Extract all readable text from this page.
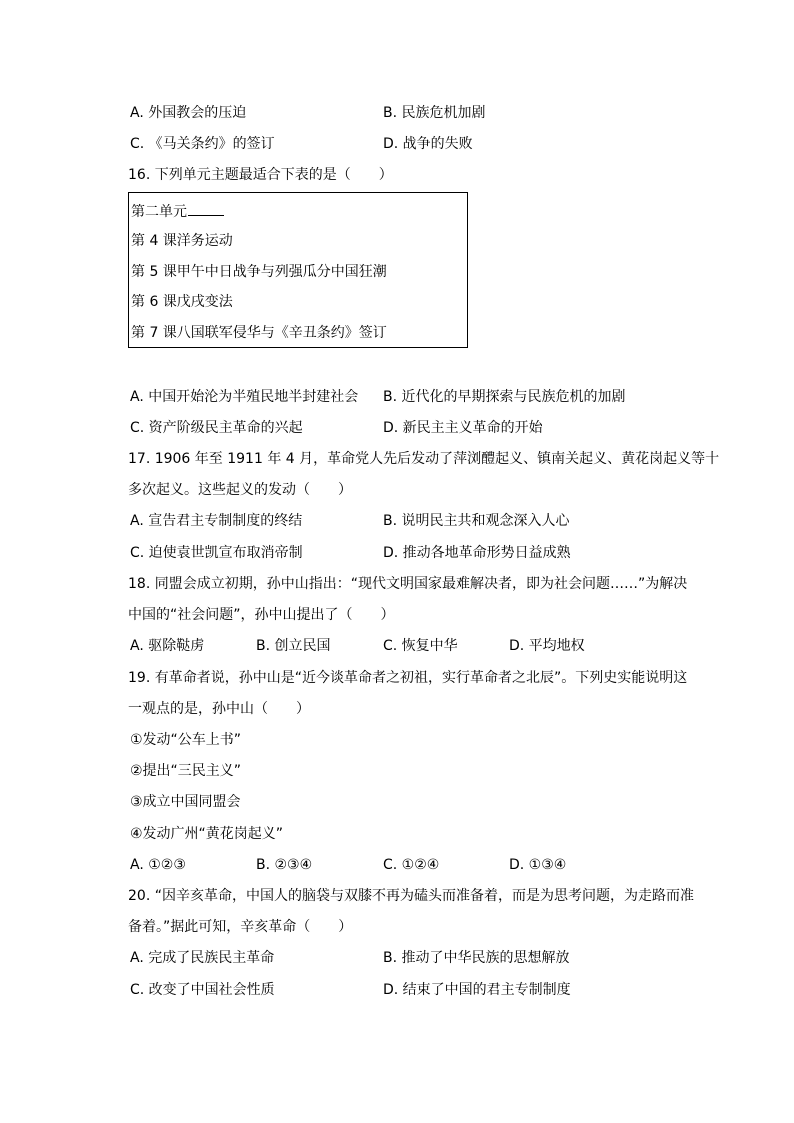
A. 外国教会的压迫	B. 民族危机加剧
C. 《马关条约》的签订	D. 战争的失败
16. 下列单元主题最适合下表的是（　　）
第二单元
第 4 课洋务运动
第 5 课甲午中日战争与列强瓜分中国狂潮
第 6 课戊戌变法
第 7 课八国联军侵华与《辛丑条约》签订
A. 中国开始沦为半殖民地半封建社会 B. 近代化的早期探索与民族危机的加剧
C. 资产阶级民主革命的兴起	D. 新民主主义革命的开始
17. 1906 年至 1911 年 4 月，革命党人先后发动了萍浏醴起义、镇南关起义、黄花岗起义等十
多次起义。这些起义的发动（　　）
A. 宣告君主专制制度的终结	B. 说明民主共和观念深入人心
C. 迫使袁世凯宣布取消帝制	D. 推动各地革命形势日益成熟
18. 同盟会成立初期，孙中山指出：“现代文明国家最难解决者，即为社会问题……”为解决
中国的“社会问题”，孙中山提出了（　　）
A. 驱除鞑虏	B. 创立民国	C. 恢复中华	D. 平均地权
19. 有革命者说，孙中山是“近今谈革命者之初祖，实行革命者之北辰”。下列史实能说明这
一观点的是，孙中山（　　）
①发动“公车上书”
②提出“三民主义”
③成立中国同盟会
④发动广州“黄花岗起义”
A. ①②③	B. ②③④	C. ①②④	D. ①③④
20. “因辛亥革命，中国人的脑袋与双膝不再为磕头而准备着，而是为思考问题，为走路而准
备着。”据此可知，辛亥革命（　　）
A. 完成了民族民主革命	B. 推动了中华民族的思想解放
C. 改变了中国社会性质	D. 结束了中国的君主专制制度
